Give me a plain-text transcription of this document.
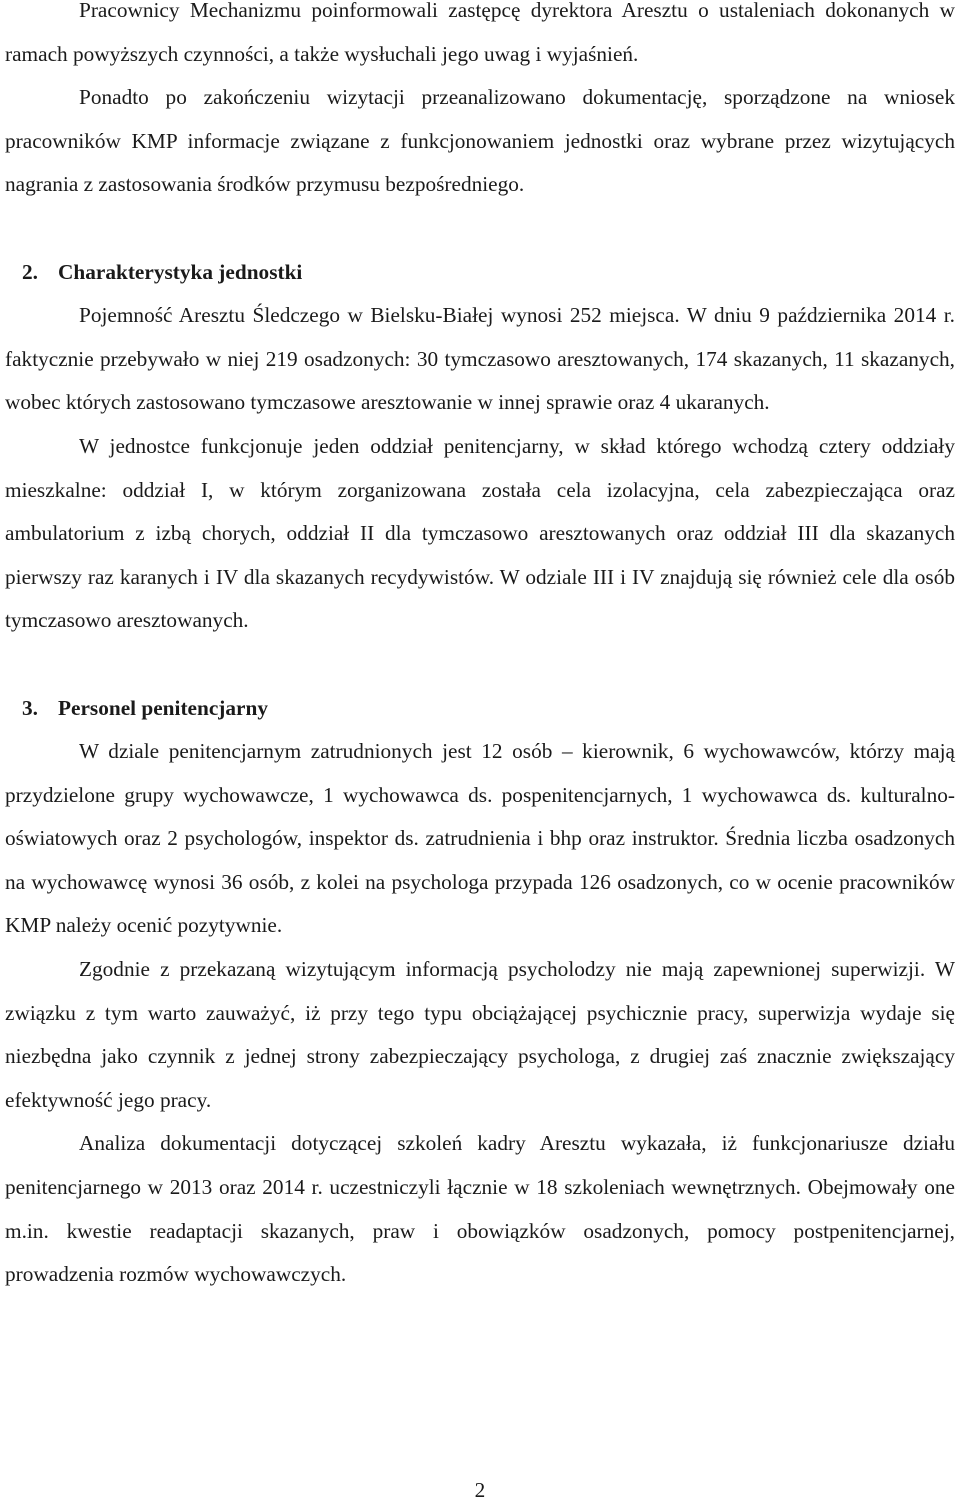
Pracownicy Mechanizmu poinformowali zastępcę dyrektora Aresztu o ustaleniach dokonanych w ramach powyższych czynności, a także wysłuchali jego uwag i wyjaśnień.

Ponadto po zakończeniu wizytacji przeanalizowano dokumentację, sporządzone na wniosek pracowników KMP informacje związane z funkcjonowaniem jednostki oraz wybrane przez wizytujących nagrania z zastosowania środków przymusu bezpośredniego.

2. Charakterystyka jednostki

Pojemność Aresztu Śledczego w Bielsku-Białej wynosi 252 miejsca. W dniu 9 października 2014 r. faktycznie przebywało w niej 219 osadzonych: 30 tymczasowo aresztowanych, 174 skazanych, 11 skazanych, wobec których zastosowano tymczasowe aresztowanie w innej sprawie oraz 4 ukaranych.

W jednostce funkcjonuje jeden oddział penitencjarny, w skład którego wchodzą cztery oddziały mieszkalne: oddział I, w którym zorganizowana została cela izolacyjna, cela zabezpieczająca oraz ambulatorium z izbą chorych, oddział II dla tymczasowo aresztowanych oraz oddział III dla skazanych pierwszy raz karanych i IV dla skazanych recydywistów. W odziale III i IV znajdują się również cele dla osób tymczasowo aresztowanych.

3. Personel penitencjarny

W dziale penitencjarnym zatrudnionych jest 12 osób – kierownik, 6 wychowawców, którzy mają przydzielone grupy wychowawcze, 1 wychowawca ds. pospenitencjarnych, 1 wychowawca ds. kulturalno-oświatowych oraz 2 psychologów, inspektor ds. zatrudnienia i bhp oraz instruktor. Średnia liczba osadzonych na wychowawcę wynosi 36 osób, z kolei na psychologa przypada 126 osadzonych, co w ocenie pracowników KMP należy ocenić pozytywnie.

Zgodnie z przekazaną wizytującym informacją psycholodzy nie mają zapewnionej superwizji. W związku z tym warto zauważyć, iż przy tego typu obciążającej psychicznie pracy, superwizja wydaje się niezbędna jako czynnik z jednej strony zabezpieczający psychologa, z drugiej zaś znacznie zwiększający efektywność jego pracy.

Analiza dokumentacji dotyczącej szkoleń kadry Aresztu wykazała, iż funkcjonariusze działu penitencjarnego w 2013 oraz 2014 r. uczestniczyli łącznie w 18 szkoleniach wewnętrznych. Obejmowały one m.in. kwestie readaptacji skazanych, praw i obowiązków osadzonych, pomocy postpenitencjarnej, prowadzenia rozmów wychowawczych.

2
